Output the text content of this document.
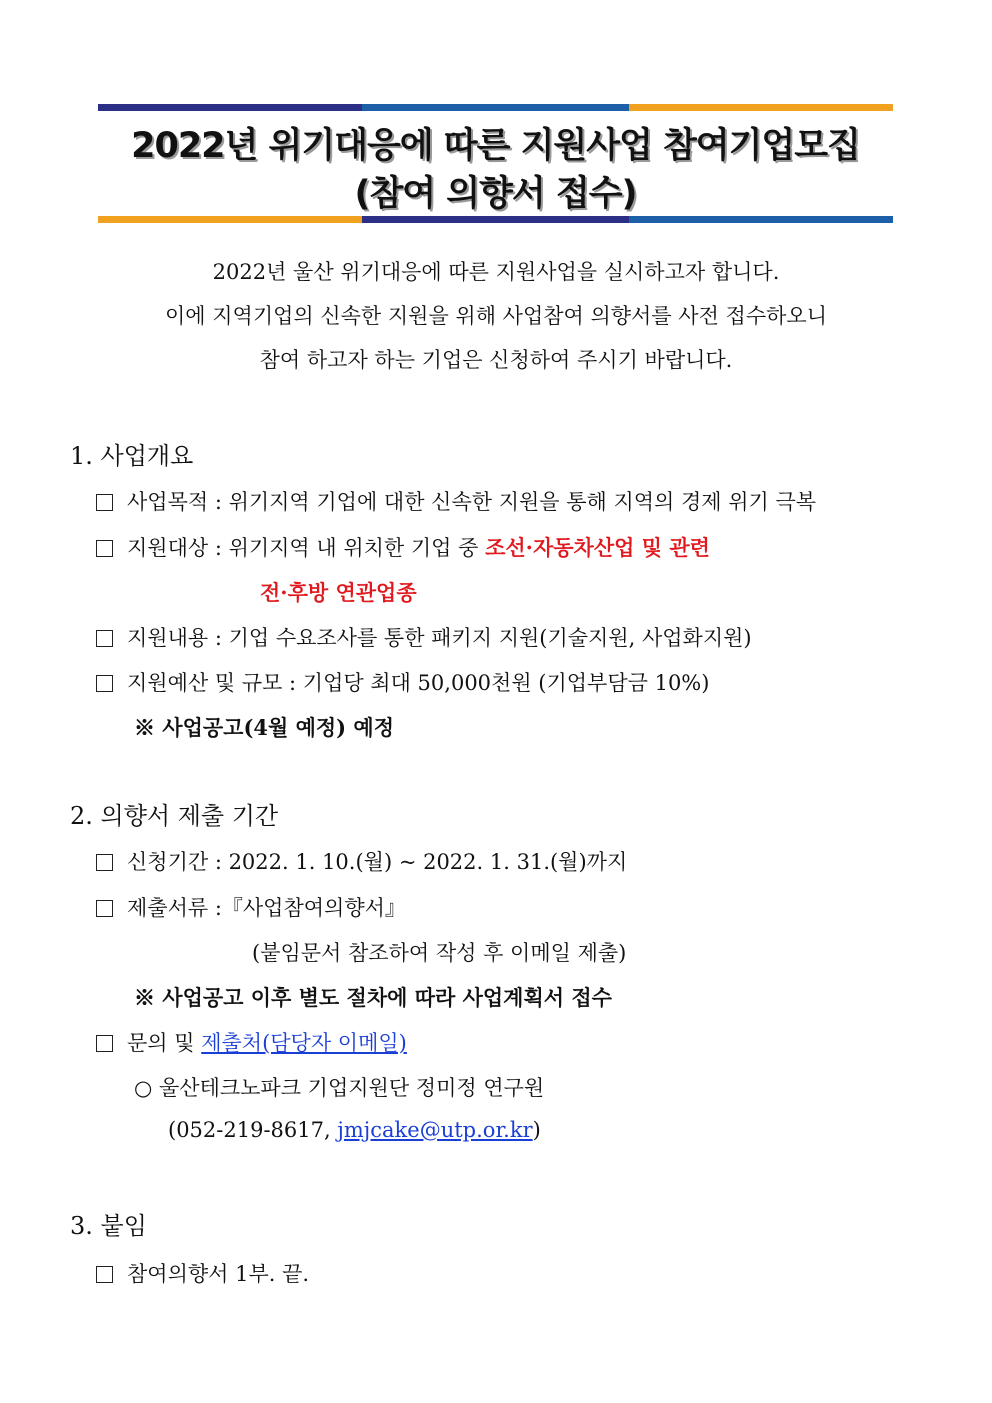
2022년 위기대응에 따른 지원사업 참여기업모집
(참여 의향서 접수)
2022년 울산 위기대응에 따른 지원사업을 실시하고자 합니다.
이에 지역기업의 신속한 지원을 위해 사업참여 의향서를 사전 접수하오니
참여 하고자 하는 기업은 신청하여 주시기 바랍니다.
1. 사업개요
사업목적 : 위기지역 기업에 대한 신속한 지원을 통해 지역의 경제 위기 극복
지원대상 : 위기지역 내 위치한 기업 중 조선·자동차산업 및 관련
전·후방 연관업종
지원내용 : 기업 수요조사를 통한 패키지 지원(기술지원, 사업화지원)
지원예산 및 규모 : 기업당 최대 50,000천원 (기업부담금 10%)
※ 사업공고(4월 예정) 예정
2. 의향서 제출 기간
신청기간 : 2022. 1. 10.(월) ~ 2022. 1. 31.(월)까지
제출서류 :『사업참여의향서』
(붙임문서 참조하여 작성 후 이메일 제출)
※ 사업공고 이후 별도 절차에 따라 사업계획서 접수
문의 및 제출처(담당자 이메일)
○ 울산테크노파크 기업지원단 정미정 연구원
(052-219-8617, jmjcake@utp.or.kr)
3. 붙임
참여의향서 1부. 끝.
